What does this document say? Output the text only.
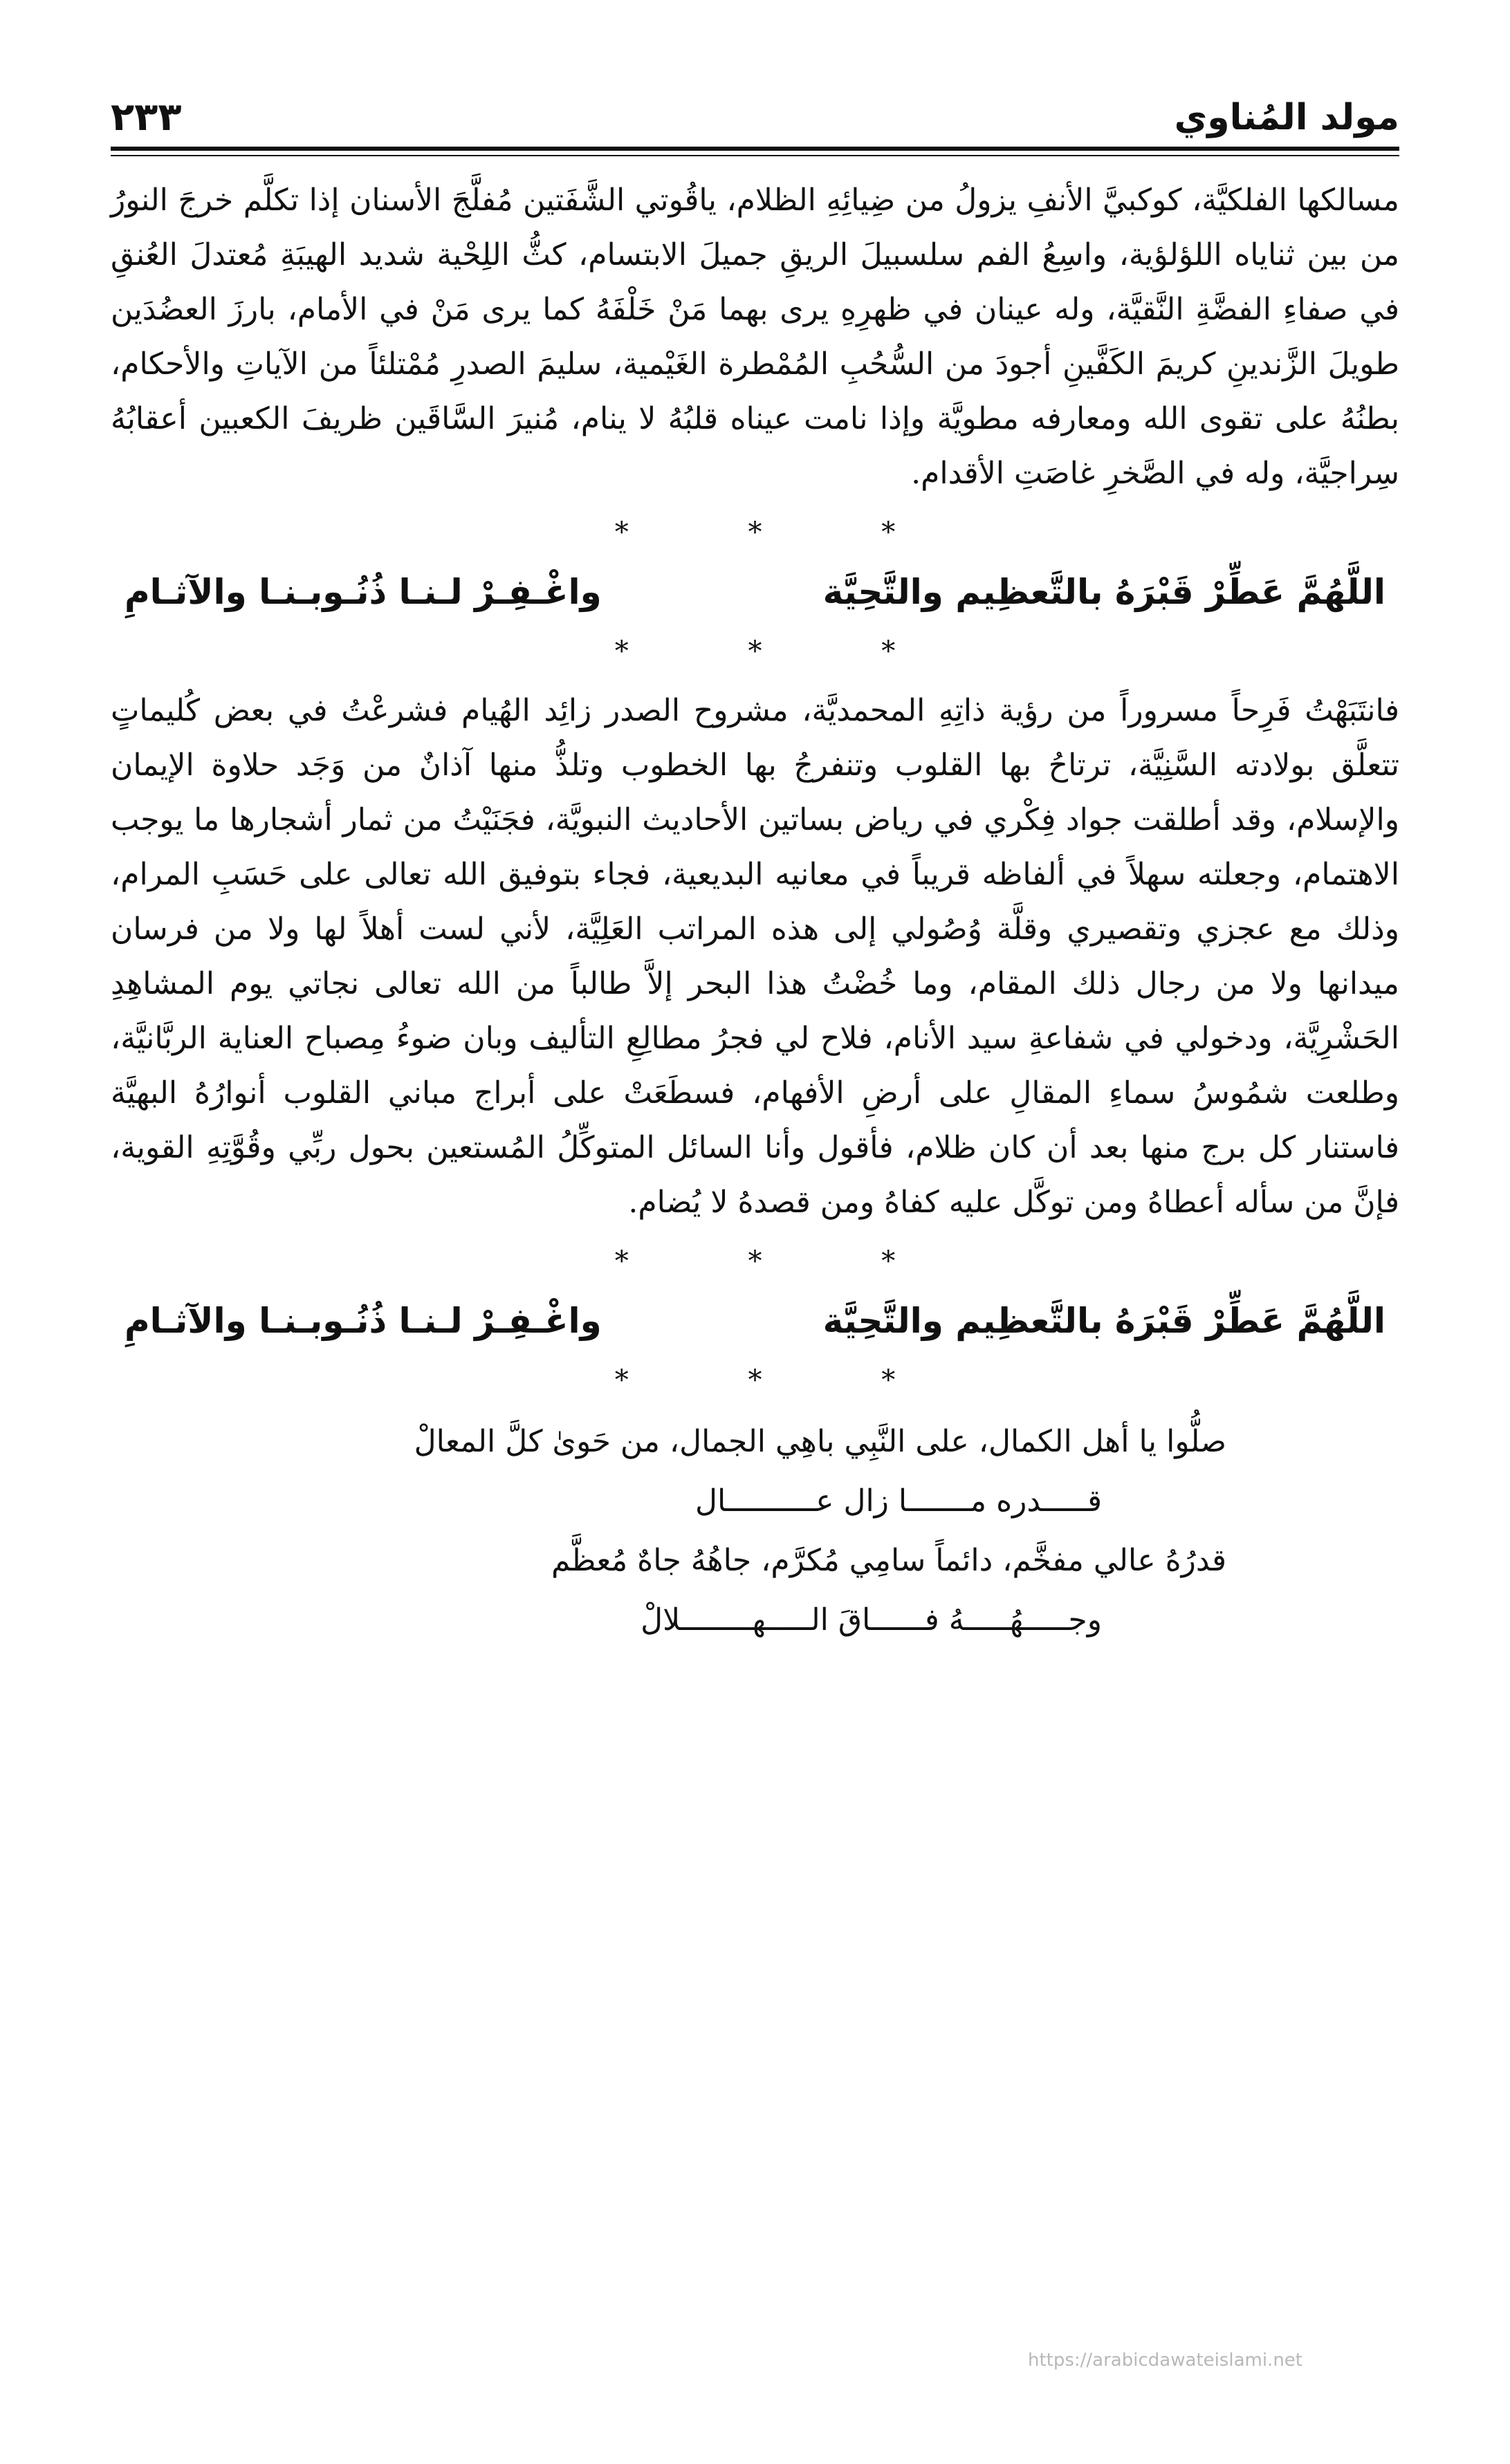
مولد المُناوي
٢٣٣

مسالكها الفلكيَّة، كوكبيَّ الأنفِ يزولُ من ضِيائِهِ الظلام، ياقُوتي الشَّفَتين مُفلَّجَ الأسنان إذا تكلَّم خرجَ النورُ من بين ثناياه اللؤلؤية، واسِعُ الفم سلسبيلَ الريقِ جميلَ الابتسام، كثُّ اللِحْية شديد الهيبَةِ مُعتدلَ العُنقِ في صفاءِ الفضَّةِ النَّقيَّة، وله عينان في ظهرِهِ يرى بهما مَنْ خَلْفَهُ كما يرى مَنْ في الأمام، بارزَ العضُدَين طويلَ الزَّندينِ كريمَ الكَفَّينِ أجودَ من السُّحُبِ المُمْطرة الغَيْمية، سليمَ الصدرِ مُمْتلئاً من الآياتِ والأحكام، بطنُهُ على تقوى الله ومعارفه مطويَّة وإذا نامت عيناه قلبُهُ لا ينام، مُنيرَ السَّاقَين ظريفَ الكعبين أعقابُهُ سِراجيَّة، وله في الصَّخرِ غاصَتِ الأقدام.

* * *
اللَّهُمَّ عَطِّرْ قَبْرَهُ بالتَّعظِيم والتَّحِيَّة
واغْـفِـرْ لـنـا ذُنُـوبـنـا والآثـامِ
* * *

فانتَبَهْتُ فَرِحاً مسروراً من رؤية ذاتِهِ المحمديَّة، مشروح الصدر زائِد الهُيام فشرعْتُ في بعض كُليماتٍ تتعلَّق بولادته السَّنِيَّة، ترتاحُ بها القلوب وتنفرجُ بها الخطوب وتلذُّ منها آذانٌ من وَجَد حلاوة الإيمان والإسلام، وقد أطلقت جواد فِكْري في رياض بساتين الأحاديث النبويَّة، فجَنَيْتُ من ثمار أشجارها ما يوجب الاهتمام، وجعلته سهلاً في ألفاظه قريباً في معانيه البديعية، فجاء بتوفيق الله تعالى على حَسَبِ المرام، وذلك مع عجزي وتقصيري وقلَّة وُصُولي إلى هذه المراتب العَلِيَّة، لأني لست أهلاً لها ولا من فرسان ميدانها ولا من رجال ذلك المقام، وما خُضْتُ هذا البحر إلاَّ طالباً من الله تعالى نجاتي يوم المشاهِدِ الحَشْرِيَّة، ودخولي في شفاعةِ سيد الأنام، فلاح لي فجرُ مطالِعِ التأليف وبان ضوءُ مِصباح العناية الربَّانيَّة، وطلعت شمُوسُ سماءِ المقالِ على أرضِ الأفهام، فسطَعَتْ على أبراج مباني القلوب أنوارُهُ البهيَّة فاستنار كل برج منها بعد أن كان ظلام، فأقول وأنا السائل المتوكِّلُ المُستعين بحول ربِّي وقُوَّتِهِ القوية، فإنَّ من سأله أعطاهُ ومن توكَّل عليه كفاهُ ومن قصدهُ لا يُضام.

* * *
اللَّهُمَّ عَطِّرْ قَبْرَهُ بالتَّعظِيم والتَّحِيَّة
واغْـفِـرْ لـنـا ذُنُـوبـنـا والآثـامِ
* * *
صلُّوا يا أهل الكمال، على النَّبِي باهِي الجمال، من حَوىٰ كلَّ المعالْ
قـــــدره مـــــــا زال عــــــــــال
قدرُهُ عالي مفخَّم، دائماً سامِي مُكرَّم، جاهُهُ جاهٌ مُعظَّم
وجـــــهُـــــهُ فــــــاقَ الـــــهــــــــلالْ
https://arabicdawateislami.net
